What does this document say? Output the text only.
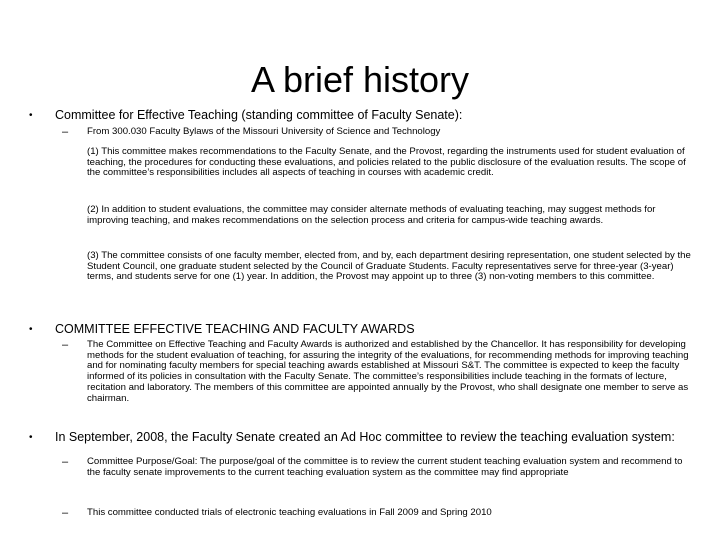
A brief history
• Committee for Effective Teaching (standing committee of Faculty Senate):
– From 300.030 Faculty Bylaws of the Missouri University of Science and Technology
(1) This committee makes recommendations to the Faculty Senate, and the Provost, regarding the instruments used for student evaluation of teaching, the procedures for conducting these evaluations, and policies related to the public disclosure of the evaluation results. The scope of the committee’s responsibilities includes all aspects of teaching in courses with academic credit.
(2) In addition to student evaluations, the committee may consider alternate methods of evaluating teaching, may suggest methods for improving teaching, and makes recommendations on the selection process and criteria for campus-wide teaching awards.
(3) The committee consists of one faculty member, elected from, and by, each department desiring representation, one student selected by the Student Council, one graduate student selected by the Council of Graduate Students. Faculty representatives serve for three-year (3-year) terms, and students serve for one (1) year. In addition, the Provost may appoint up to three (3) non-voting members to this committee.
• COMMITTEE EFFECTIVE TEACHING AND FACULTY AWARDS
– The Committee on Effective Teaching and Faculty Awards is authorized and established by the Chancellor. It has responsibility for developing methods for the student evaluation of teaching, for assuring the integrity of the evaluations, for recommending methods for improving teaching and for nominating faculty members for special teaching awards established at Missouri S&T. The committee is expected to keep the faculty informed of its policies in consultation with the Faculty Senate. The committee’s responsibilities include teaching in the formats of lecture, recitation and laboratory. The members of this committee are appointed annually by the Provost, who shall designate one member to serve as chairman.
• In September, 2008, the Faculty Senate created an Ad Hoc committee to review the teaching evaluation system:
– Committee Purpose/Goal: The purpose/goal of the committee is to review the current student teaching evaluation system and recommend to the faculty senate improvements to the current teaching evaluation system as the committee may find appropriate
– This committee conducted trials of electronic teaching evaluations in Fall 2009 and Spring 2010
